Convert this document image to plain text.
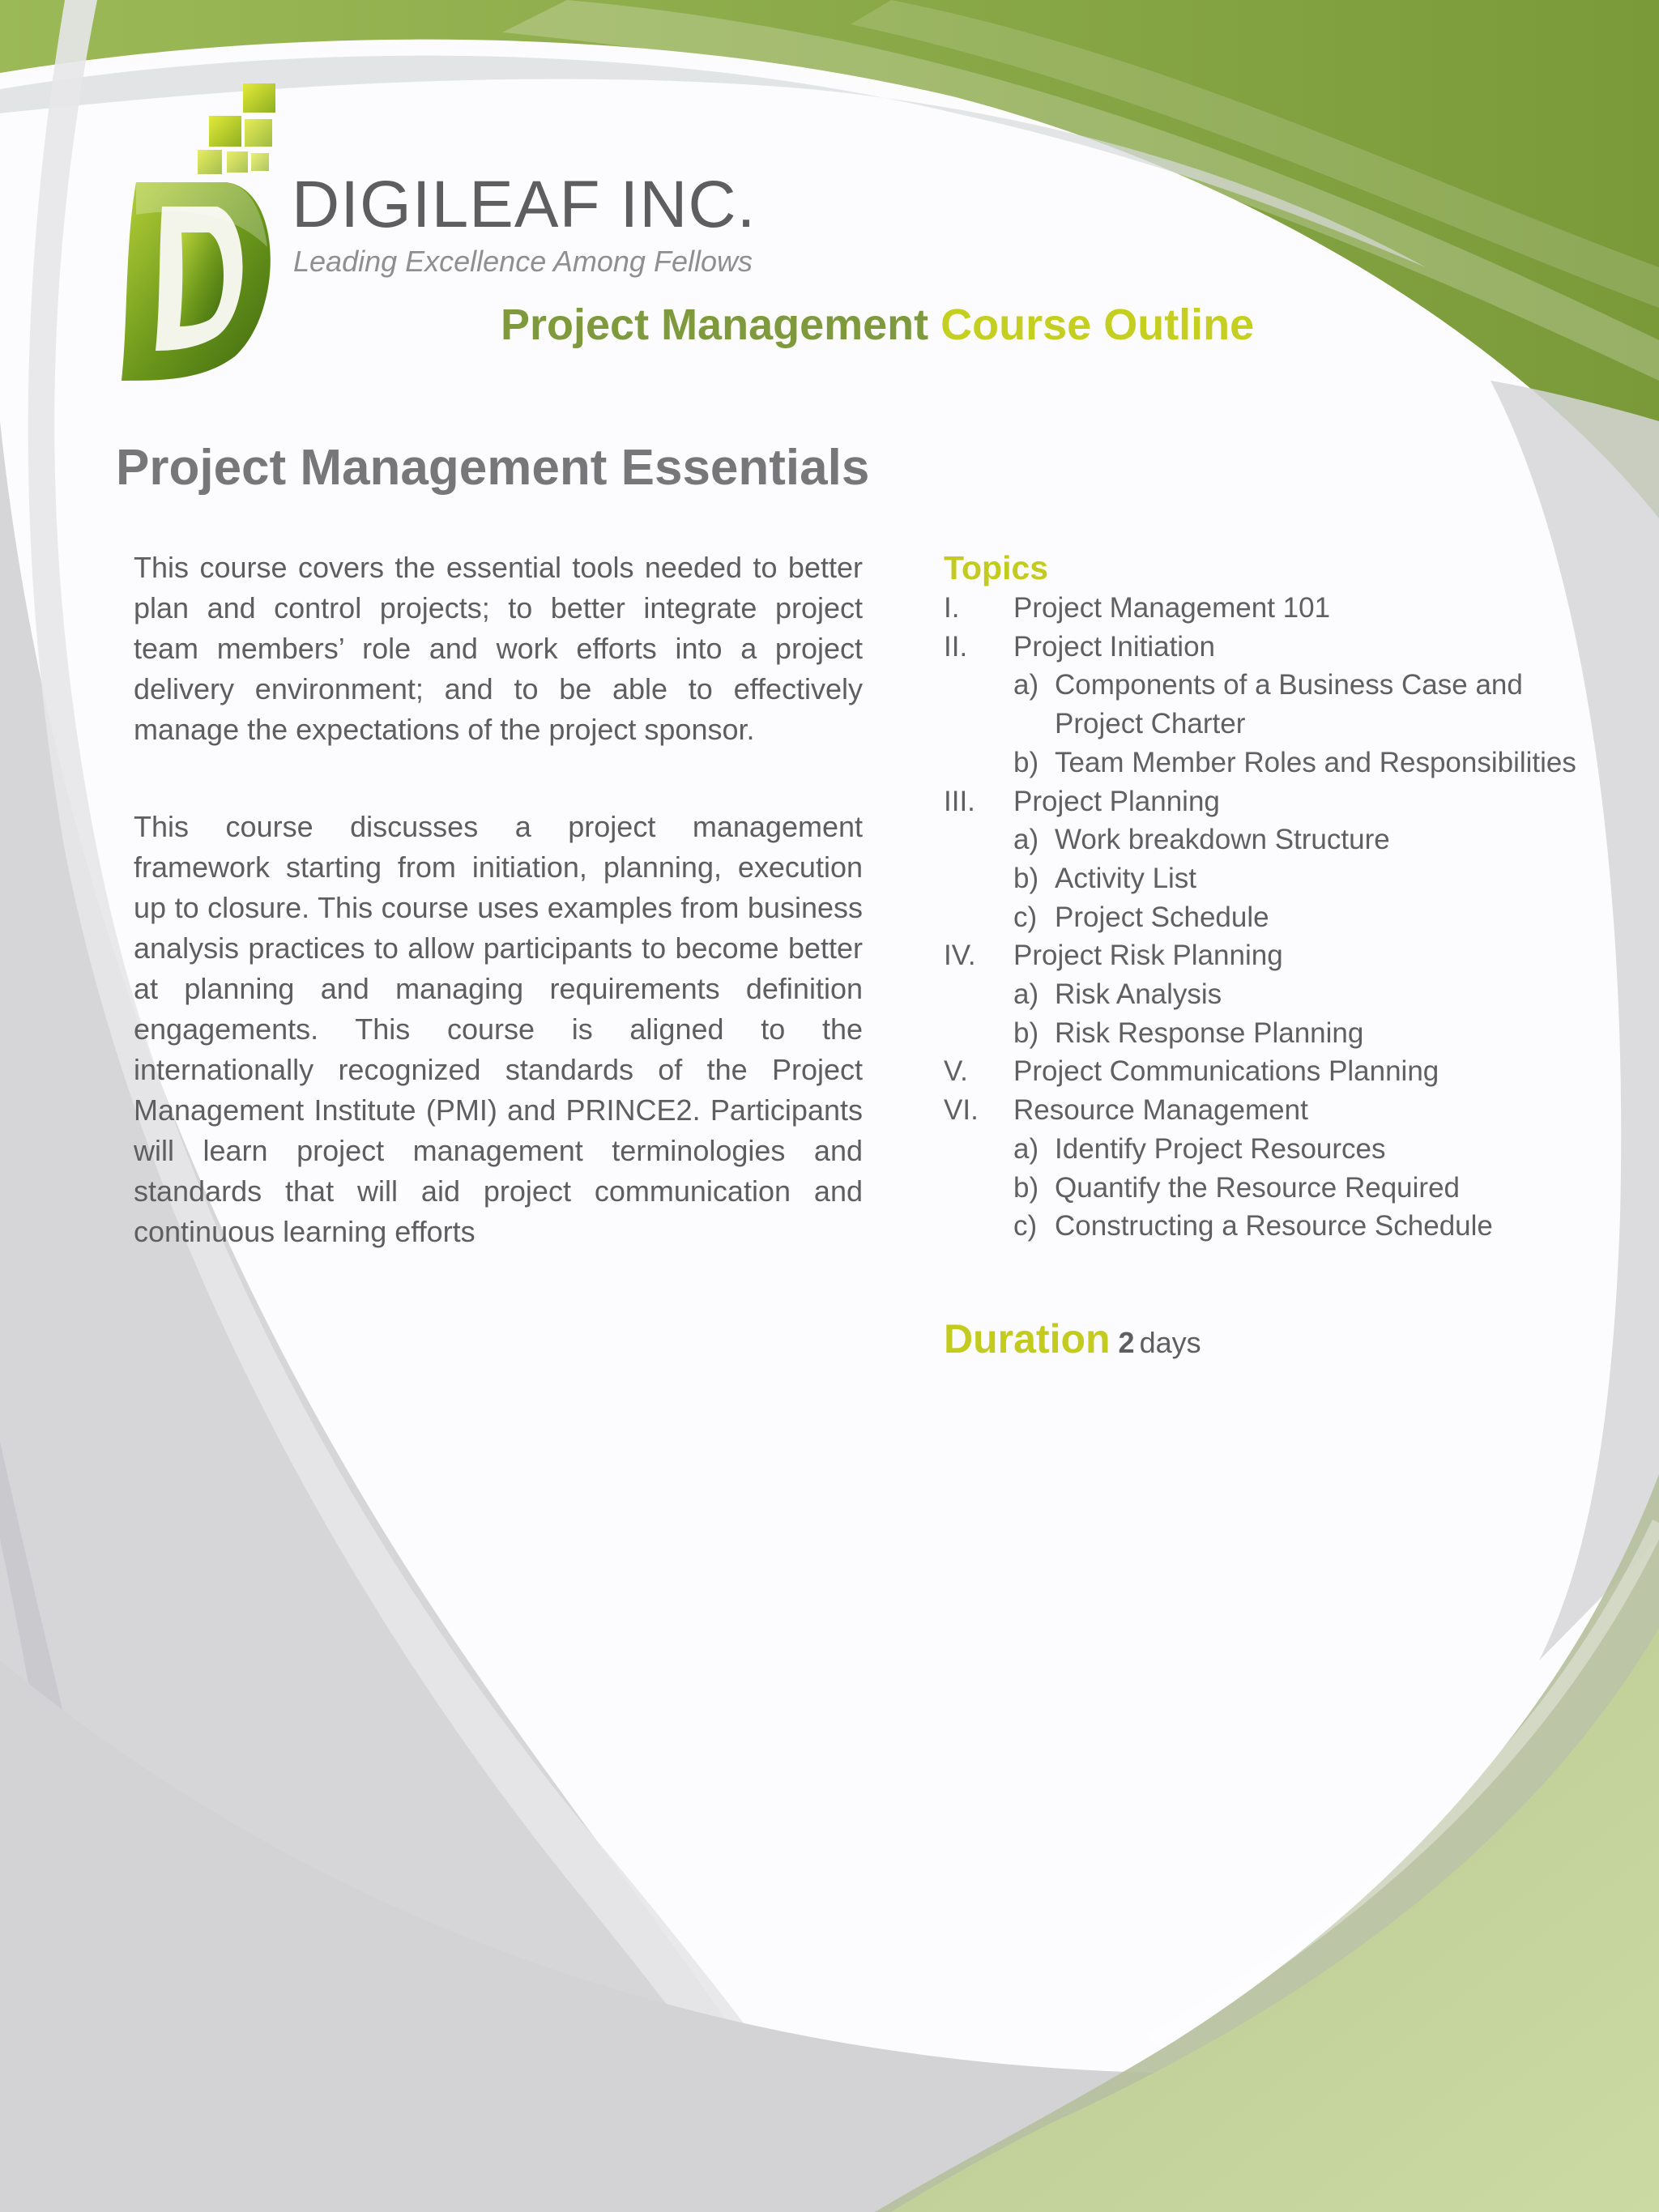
DIGILEAF INC.
Leading Excellence Among Fellows
Project Management Course Outline
Project Management Essentials

This course covers the essential tools needed to better plan and control projects; to better integrate project team members’ role and work efforts into a project delivery environment; and to be able to effectively manage the expectations of the project sponsor.

This course discusses a project management framework starting from initiation, planning, execution up to closure. This course uses examples from business analysis practices to allow participants to become better at planning and managing requirements definition engagements. This course is aligned to the internationally recognized standards of the Project Management Institute (PMI) and PRINCE2. Participants will learn project management terminologies and standards that will aid project communication and continuous learning efforts

Topics
I.	Project Management 101
II.	Project Initiation
a) Components of a Business Case and
Project Charter
b) Team Member Roles and Responsibilities
III.	Project Planning
a) Work breakdown Structure
b) Activity List
c) Project Schedule
IV.	Project Risk Planning
a) Risk Analysis
b) Risk Response Planning
V.	Project Communications Planning
VI.	Resource Management
a) Identify Project Resources
b) Quantify the Resource Required
c) Constructing a Resource Schedule
Duration 2 days
